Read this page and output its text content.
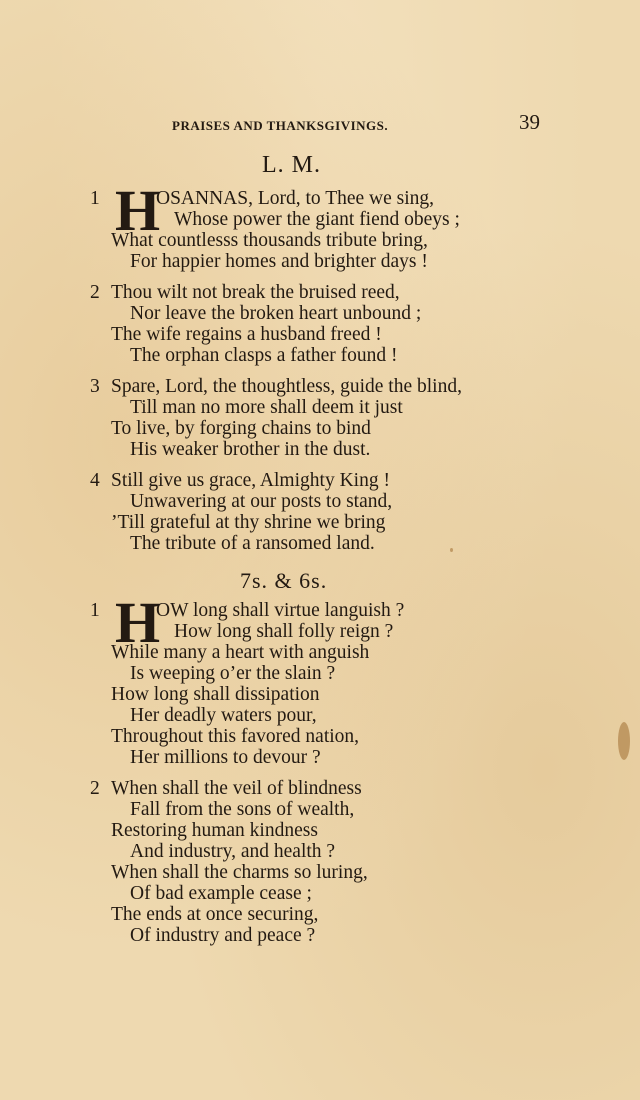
PRAISES AND THANKSGIVINGS.	39
L. M.
1 H
OSANNAS, Lord, to Thee we sing,
Whose power the giant fiend obeys ;
What countlesss thousands tribute bring,
For happier homes and brighter days !
2 Thou wilt not break the bruised reed,
Nor leave the broken heart unbound ;
The wife regains a husband freed !
The orphan clasps a father found !
3 Spare, Lord, the thoughtless, guide the blind,
Till man no more shall deem it just
To live, by forging chains to bind
His weaker brother in the dust.
4 Still give us grace, Almighty King !
Unwavering at our posts to stand,
’Till grateful at thy shrine we bring
The tribute of a ransomed land.
7s. & 6s.
1 H
OW long shall virtue languish ?
How long shall folly reign ?
While many a heart with anguish
Is weeping o’er the slain ?
How long shall dissipation
Her deadly waters pour,
Throughout this favored nation,
Her millions to devour ?
2 When shall the veil of blindness
Fall from the sons of wealth,
Restoring human kindness
And industry, and health ?
When shall the charms so luring,
Of bad example cease ;
The ends at once securing,
Of industry and peace ?
